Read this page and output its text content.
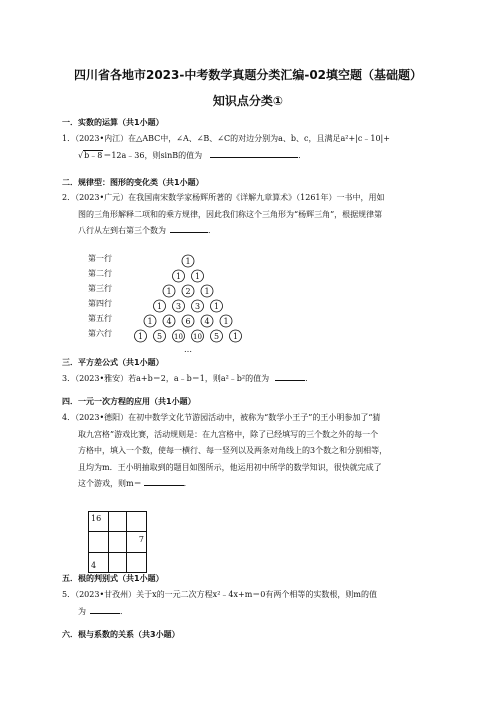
四川省各地市2023-中考数学真题分类汇编-02填空题（基础题）
知识点分类①
一．实数的运算（共1小题）
1．（2023•内江）在△ABC中，∠A、∠B、∠C的对边分别为a、b、c，且满足a²+|c﹣10|+
√b﹣8＝12a﹣36，则sinB的值为	．
二．规律型：图形的变化类（共1小题）
2．（2023•广元）在我国南宋数学家杨辉所著的《详解九章算术》（1261年）一书中，用如
图的三角形解释二项和的乘方规律，因此我们称这个三角形为“杨辉三角”，根据规律第
八行从左到右第三个数为	．
第一行
第二行
第三行
第四行
第五行
第六行
1
1 1
1 2 1
1 3 3 1
1 4 6 4 1
1 5 10 10 5 1
…
三．平方差公式（共1小题）
3．（2023•雅安）若a+b＝2，a﹣b＝1，则a²﹣b²的值为	．
四．一元一次方程的应用（共1小题）
4．（2023•德阳）在初中数学文化节游园活动中，被称为“数学小王子”的王小明参加了“猜
取九宫格”游戏比赛，活动规则是：在九宫格中，除了已经填写的三个数之外的每一个
方格中，填入一个数，使每一横行、每一竖列以及两条对角线上的3个数之和分别相等，
且均为m．王小明抽取到的题目如图所示，他运用初中所学的数学知识，很快就完成了
这个游戏，则m＝	．
16		
		7
4		
五．根的判别式（共1小题）
5．（2023•甘孜州）关于x的一元二次方程x²﹣4x+m＝0有两个相等的实数根，则m的值
为	．
六．根与系数的关系（共3小题）
